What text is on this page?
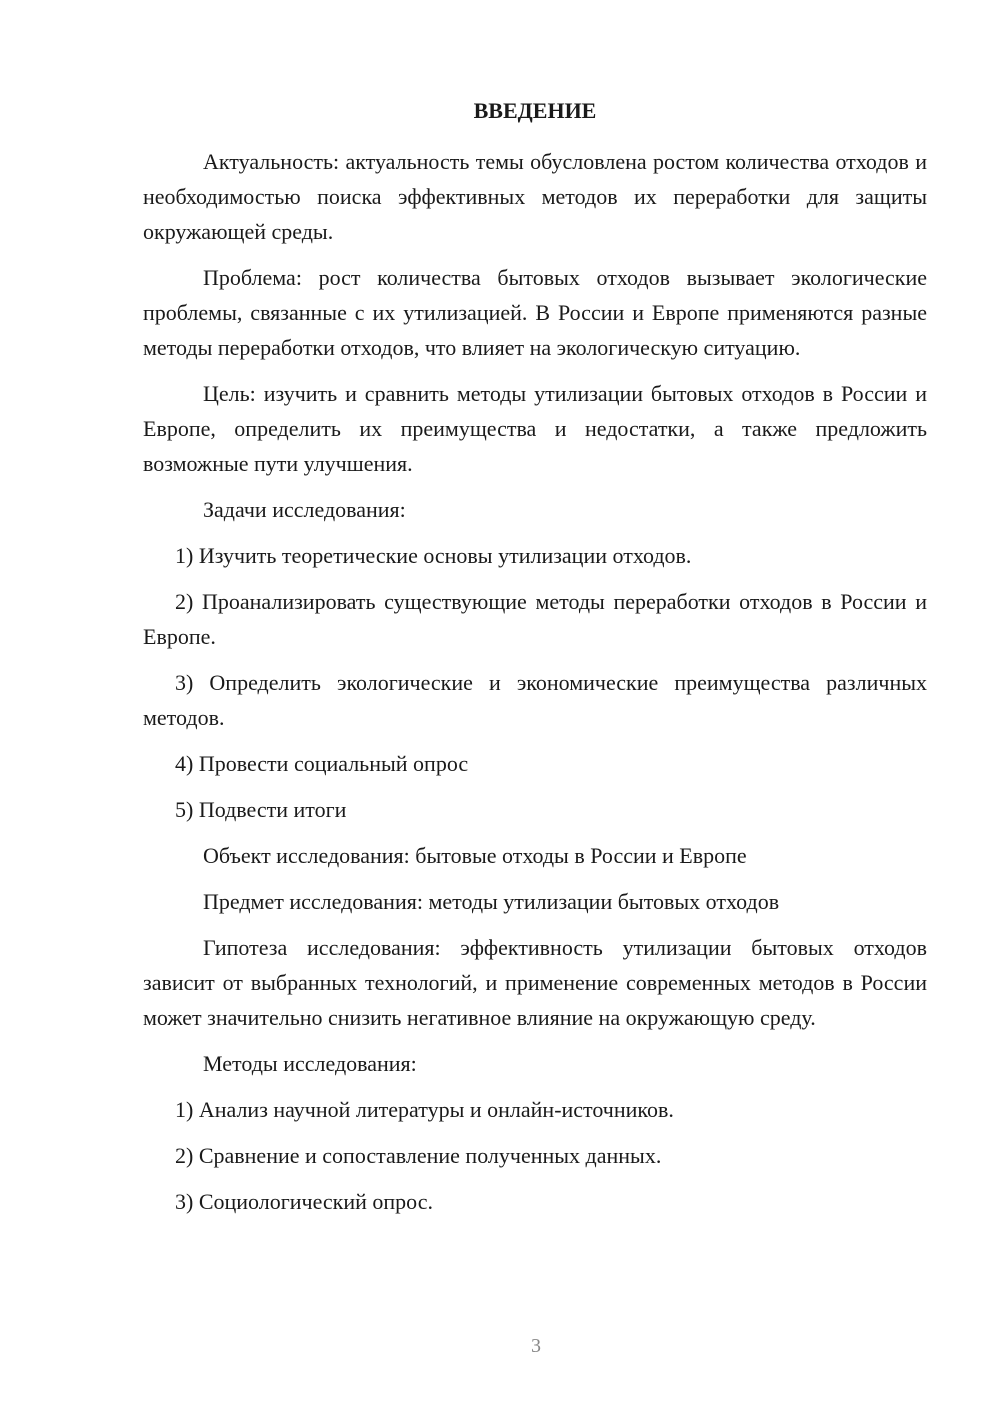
ВВЕДЕНИЕ

Актуальность: актуальность темы обусловлена ростом количества отходов и необходимостью поиска эффективных методов их переработки для защиты окружающей среды.

Проблема: рост количества бытовых отходов вызывает экологические проблемы, связанные с их утилизацией. В России и Европе применяются разные методы переработки отходов, что влияет на экологическую ситуацию.

Цель: изучить и сравнить методы утилизации бытовых отходов в России и Европе, определить их преимущества и недостатки, а также предложить возможные пути улучшения.

Задачи исследования:

1) Изучить теоретические основы утилизации отходов.

2) Проанализировать существующие методы переработки отходов в России и Европе.

3) Определить экологические и экономические преимущества различных методов.

4) Провести социальный опрос

5) Подвести итоги

Объект исследования: бытовые отходы в России и Европе

Предмет исследования: методы утилизации бытовых отходов

Гипотеза исследования: эффективность утилизации бытовых отходов зависит от выбранных технологий, и применение современных методов в России может значительно снизить негативное влияние на окружающую среду.

Методы исследования:

1) Анализ научной литературы и онлайн-источников.

2) Сравнение и сопоставление полученных данных.

3) Социологический опрос.

3
